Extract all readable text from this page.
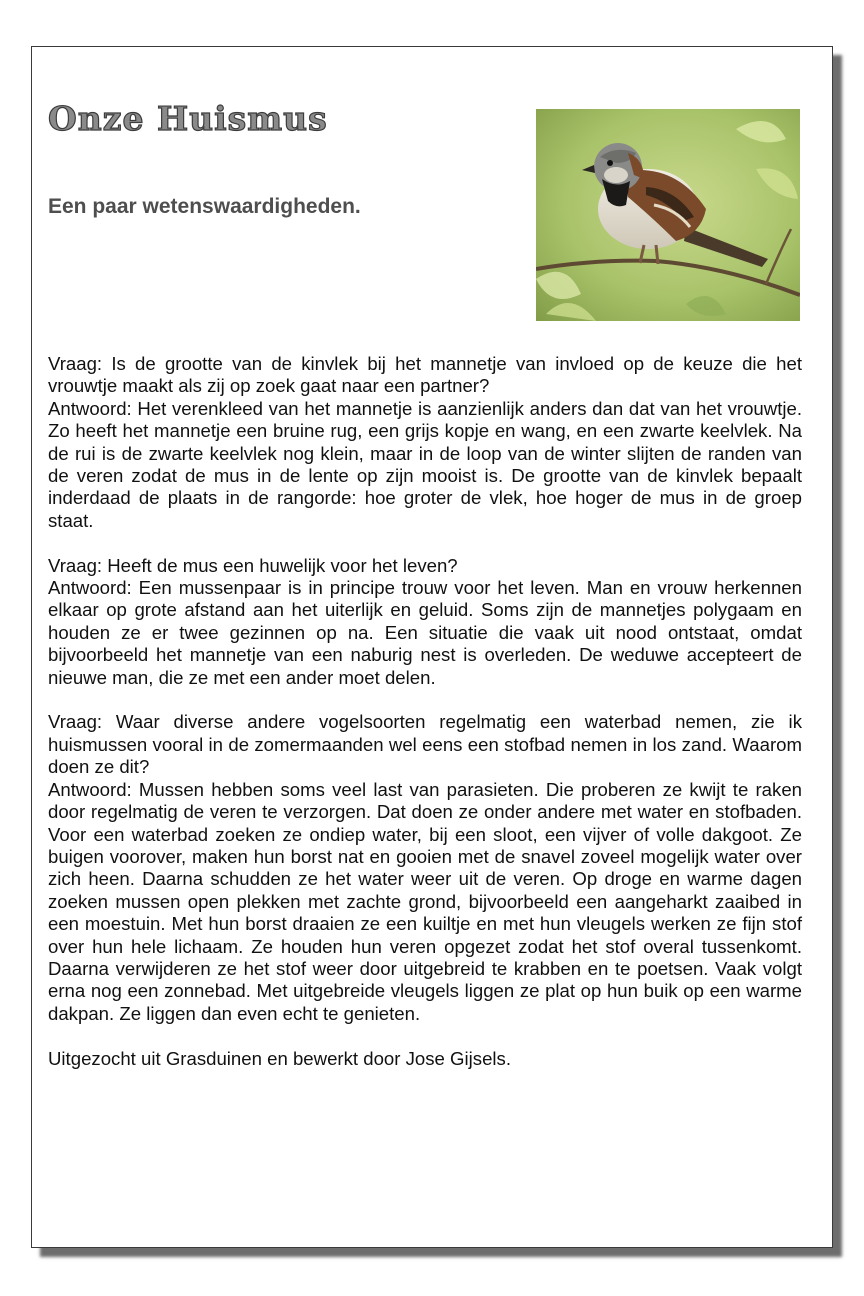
Onze Huismus
Een paar wetenswaardigheden.

Vraag: Is de grootte van de kinvlek bij het mannetje van invloed op de keuze die het vrouwtje maakt als zij op zoek gaat naar een partner?

Antwoord: Het verenkleed van het mannetje is aanzienlijk anders dan dat van het vrouwtje. Zo heeft het mannetje een bruine rug, een grijs kopje en wang, en een zwarte keelvlek. Na de rui is de zwarte keelvlek nog klein, maar in de loop van de winter slijten de randen van de veren zodat de mus in de lente op zijn mooist is. De grootte van de kinvlek bepaalt inderdaad de plaats in de rangorde: hoe groter de vlek, hoe hoger de mus in de groep staat.

Vraag: Heeft de mus een huwelijk voor het leven?

Antwoord: Een mussenpaar is in principe trouw voor het leven. Man en vrouw herkennen elkaar op grote afstand aan het uiterlijk en geluid. Soms zijn de mannetjes polygaam en houden ze er twee gezinnen op na. Een situatie die vaak uit nood ontstaat, omdat bijvoorbeeld het mannetje van een naburig nest is overleden. De weduwe accepteert de nieuwe man, die ze met een ander moet delen.

Vraag: Waar diverse andere vogelsoorten regelmatig een waterbad nemen, zie ik huismussen vooral in de zomermaanden wel eens een stofbad nemen in los zand. Waarom doen ze dit?

Antwoord: Mussen hebben soms veel last van parasieten. Die proberen ze kwijt te raken door regelmatig de veren te verzorgen. Dat doen ze onder andere met water en stofbaden. Voor een waterbad zoeken ze ondiep water, bij een sloot, een vijver of volle dakgoot. Ze buigen voorover, maken hun borst nat en gooien met de snavel zoveel mogelijk water over zich heen. Daarna schudden ze het water weer uit de veren. Op droge en warme dagen zoeken mussen open plekken met zachte grond, bijvoorbeeld een aangeharkt zaaibed in een moestuin. Met hun borst draaien ze een kuiltje en met hun vleugels werken ze fijn stof over hun hele lichaam. Ze houden hun veren opgezet zodat het stof overal tussenkomt. Daarna verwijderen ze het stof weer door uitgebreid te krabben en te poetsen. Vaak volgt erna nog een zonnebad. Met uitgebreide vleugels liggen ze plat op hun buik op een warme dakpan. Ze liggen dan even echt te genieten.

Uitgezocht uit Grasduinen en bewerkt door Jose Gijsels.
